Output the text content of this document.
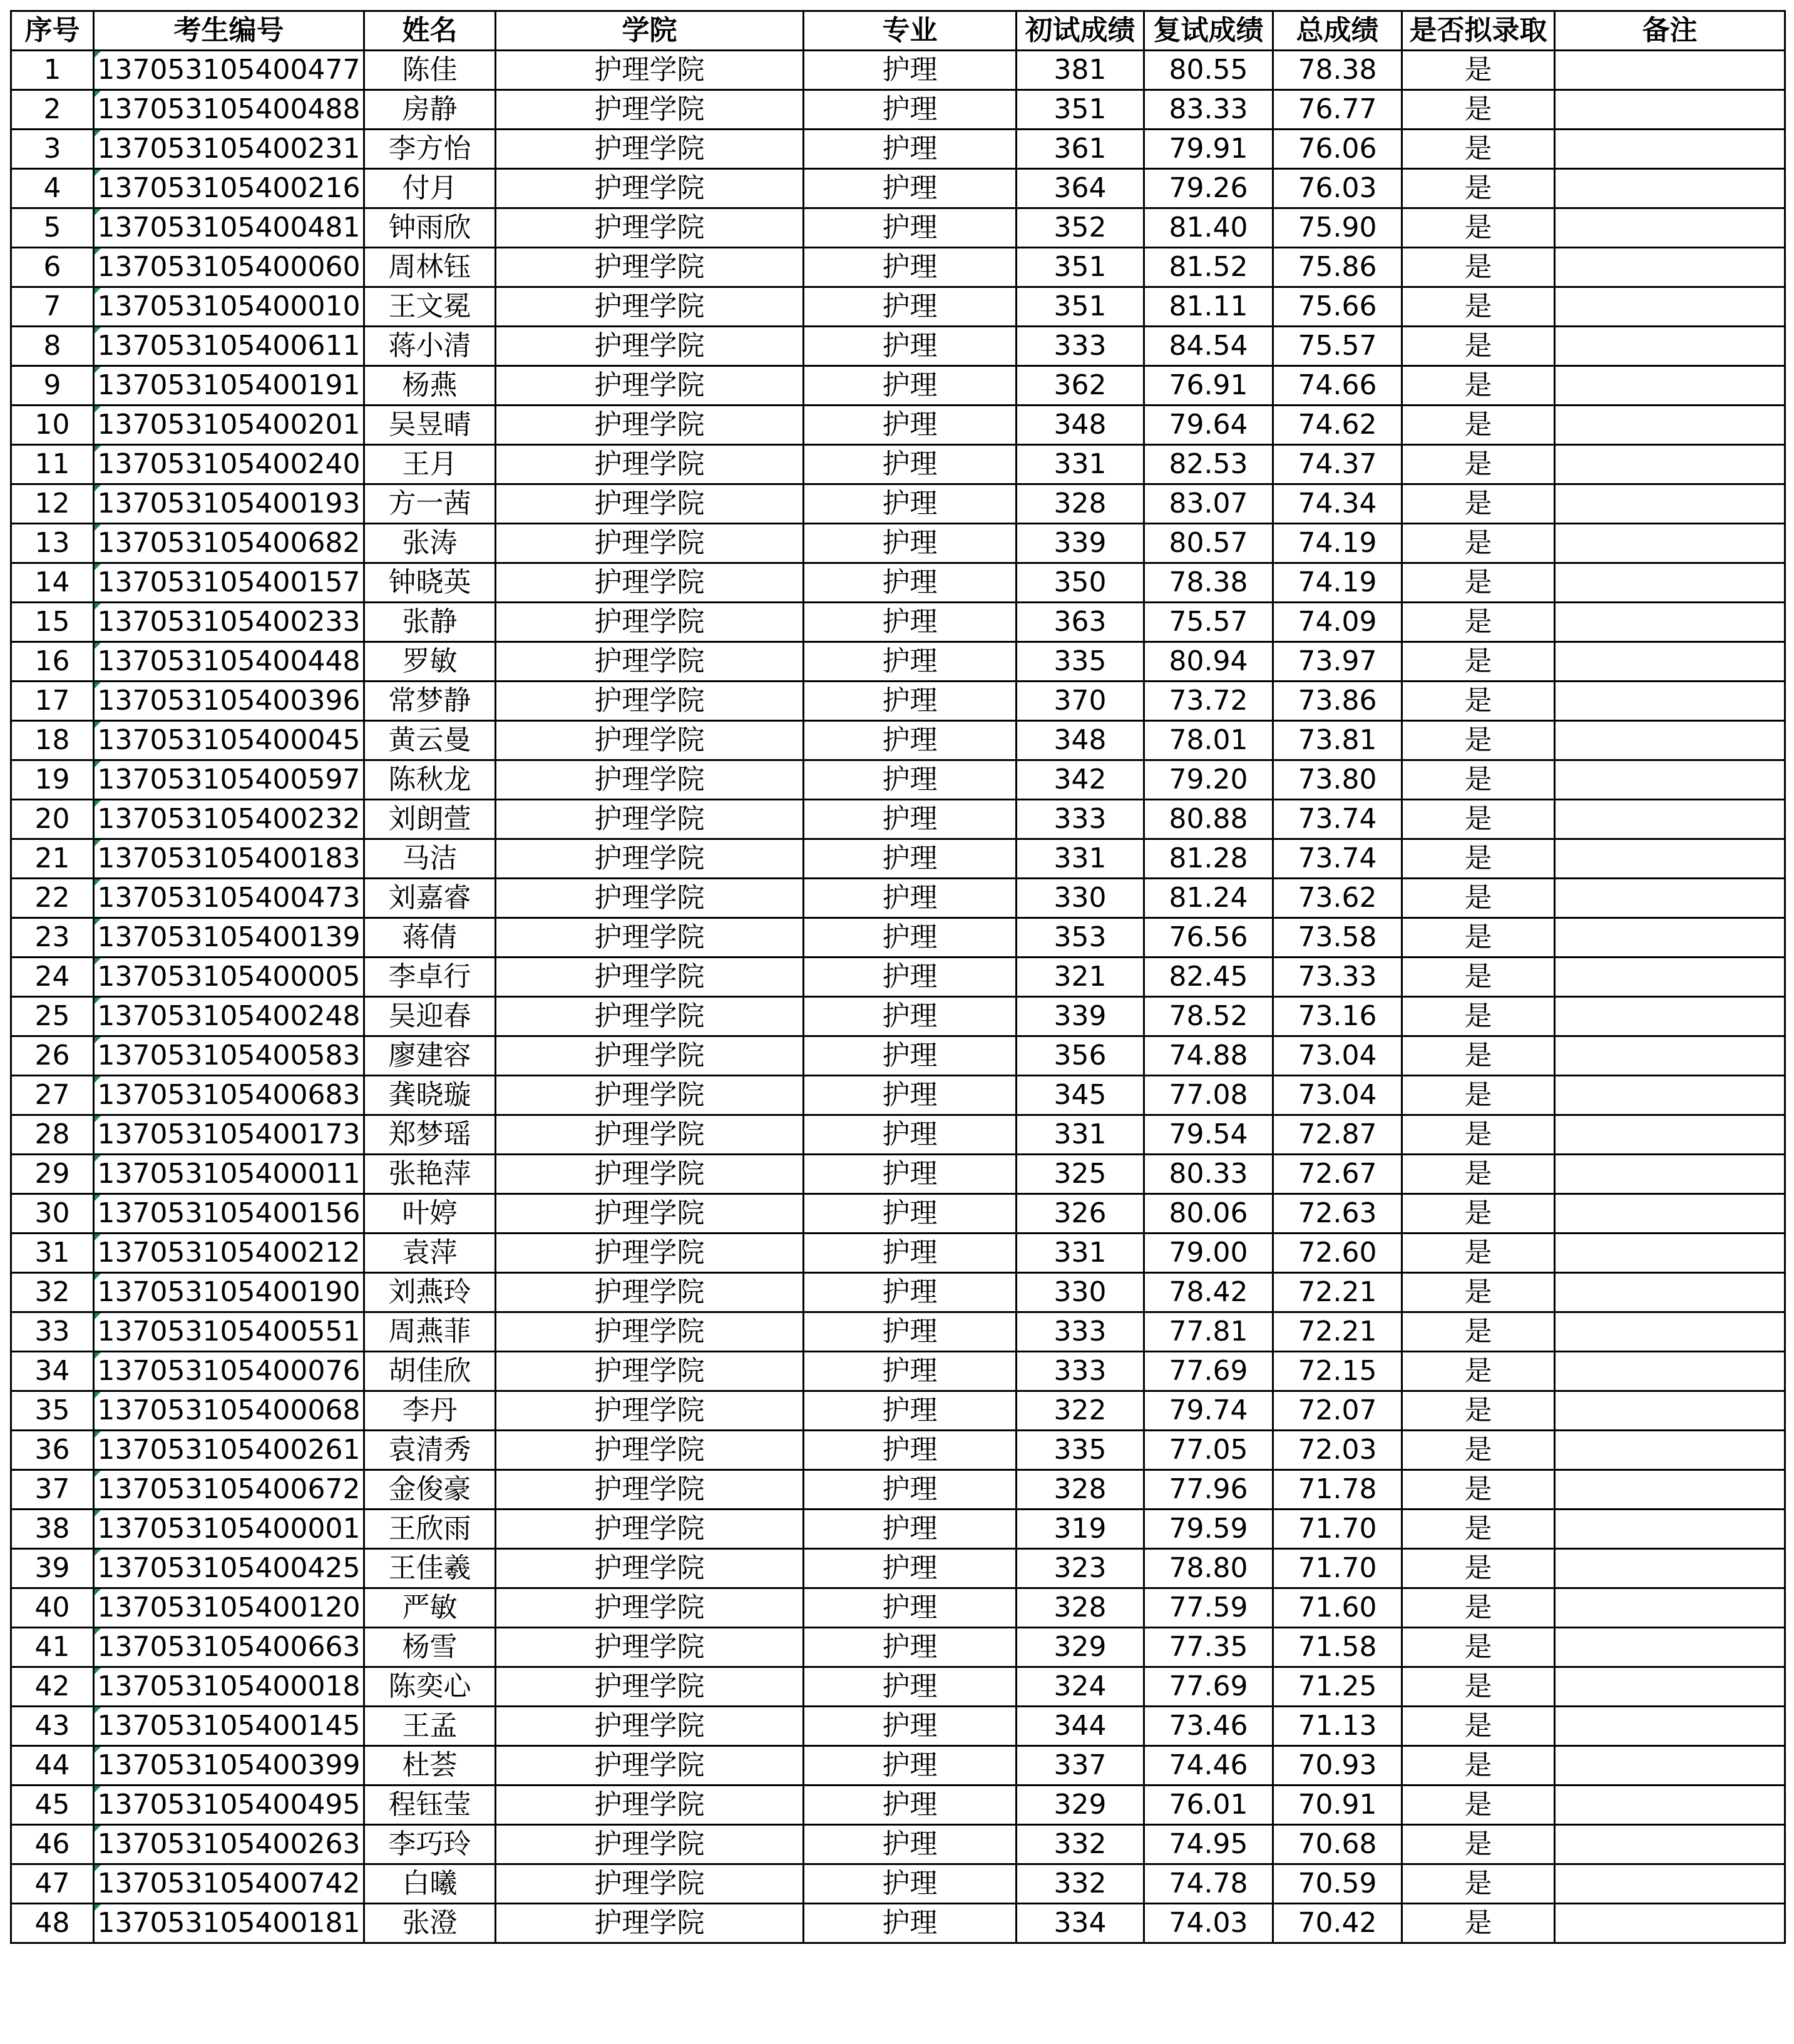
序号	考生编号	姓名	学院	专业	初试成绩	复试成绩	总成绩	是否拟录取	备注
1	137053105400477	陈佳	护理学院	护理	381	80.55	78.38	是	
2	137053105400488	房静	护理学院	护理	351	83.33	76.77	是	
3	137053105400231	李方怡	护理学院	护理	361	79.91	76.06	是	
4	137053105400216	付月	护理学院	护理	364	79.26	76.03	是	
5	137053105400481	钟雨欣	护理学院	护理	352	81.40	75.90	是	
6	137053105400060	周林钰	护理学院	护理	351	81.52	75.86	是	
7	137053105400010	王文冕	护理学院	护理	351	81.11	75.66	是	
8	137053105400611	蒋小清	护理学院	护理	333	84.54	75.57	是	
9	137053105400191	杨燕	护理学院	护理	362	76.91	74.66	是	
10	137053105400201	吴昱晴	护理学院	护理	348	79.64	74.62	是	
11	137053105400240	王月	护理学院	护理	331	82.53	74.37	是	
12	137053105400193	方一茜	护理学院	护理	328	83.07	74.34	是	
13	137053105400682	张涛	护理学院	护理	339	80.57	74.19	是	
14	137053105400157	钟晓英	护理学院	护理	350	78.38	74.19	是	
15	137053105400233	张静	护理学院	护理	363	75.57	74.09	是	
16	137053105400448	罗敏	护理学院	护理	335	80.94	73.97	是	
17	137053105400396	常梦静	护理学院	护理	370	73.72	73.86	是	
18	137053105400045	黄云曼	护理学院	护理	348	78.01	73.81	是	
19	137053105400597	陈秋龙	护理学院	护理	342	79.20	73.80	是	
20	137053105400232	刘朗萱	护理学院	护理	333	80.88	73.74	是	
21	137053105400183	马洁	护理学院	护理	331	81.28	73.74	是	
22	137053105400473	刘嘉睿	护理学院	护理	330	81.24	73.62	是	
23	137053105400139	蒋倩	护理学院	护理	353	76.56	73.58	是	
24	137053105400005	李卓行	护理学院	护理	321	82.45	73.33	是	
25	137053105400248	吴迎春	护理学院	护理	339	78.52	73.16	是	
26	137053105400583	廖建容	护理学院	护理	356	74.88	73.04	是	
27	137053105400683	龚晓璇	护理学院	护理	345	77.08	73.04	是	
28	137053105400173	郑梦瑶	护理学院	护理	331	79.54	72.87	是	
29	137053105400011	张艳萍	护理学院	护理	325	80.33	72.67	是	
30	137053105400156	叶婷	护理学院	护理	326	80.06	72.63	是	
31	137053105400212	袁萍	护理学院	护理	331	79.00	72.60	是	
32	137053105400190	刘燕玲	护理学院	护理	330	78.42	72.21	是	
33	137053105400551	周燕菲	护理学院	护理	333	77.81	72.21	是	
34	137053105400076	胡佳欣	护理学院	护理	333	77.69	72.15	是	
35	137053105400068	李丹	护理学院	护理	322	79.74	72.07	是	
36	137053105400261	袁清秀	护理学院	护理	335	77.05	72.03	是	
37	137053105400672	金俊豪	护理学院	护理	328	77.96	71.78	是	
38	137053105400001	王欣雨	护理学院	护理	319	79.59	71.70	是	
39	137053105400425	王佳羲	护理学院	护理	323	78.80	71.70	是	
40	137053105400120	严敏	护理学院	护理	328	77.59	71.60	是	
41	137053105400663	杨雪	护理学院	护理	329	77.35	71.58	是	
42	137053105400018	陈奕心	护理学院	护理	324	77.69	71.25	是	
43	137053105400145	王孟	护理学院	护理	344	73.46	71.13	是	
44	137053105400399	杜荟	护理学院	护理	337	74.46	70.93	是	
45	137053105400495	程钰莹	护理学院	护理	329	76.01	70.91	是	
46	137053105400263	李巧玲	护理学院	护理	332	74.95	70.68	是	
47	137053105400742	白曦	护理学院	护理	332	74.78	70.59	是	
48	137053105400181	张澄	护理学院	护理	334	74.03	70.42	是	
